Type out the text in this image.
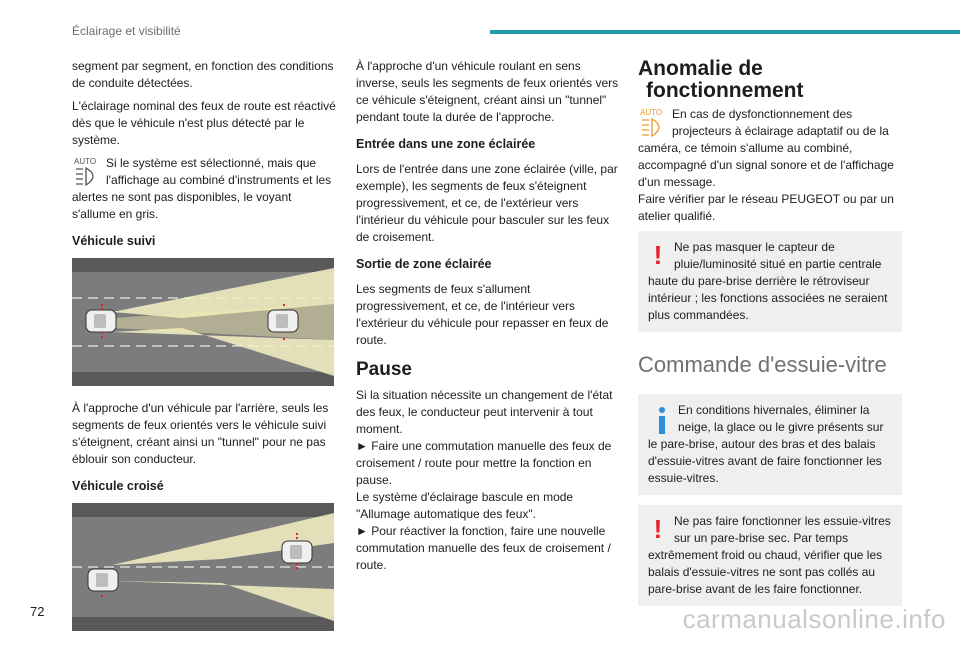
Éclairage et visibilité

segment par segment, en fonction des conditions de conduite détectées.

L'éclairage nominal des feux de route est réactivé dès que le véhicule n'est plus détecté par le système.

AUTO Si le système est sélectionné, mais que l'affichage au combiné d'instruments et les alertes ne sont pas disponibles, le voyant s'allume en gris.

Véhicule suivi

À l'approche d'un véhicule par l'arrière, seuls les segments de feux orientés vers le véhicule suivi s'éteignent, créant ainsi un "tunnel" pour ne pas éblouir son conducteur.

Véhicule croisé

À l'approche d'un véhicule roulant en sens inverse, seuls les segments de feux orientés vers ce véhicule s'éteignent, créant ainsi un "tunnel" pendant toute la durée de l'approche.

Entrée dans une zone éclairée

Lors de l'entrée dans une zone éclairée (ville, par exemple), les segments de feux s'éteignent progressivement, et ce, de l'extérieur vers l'intérieur du véhicule pour basculer sur les feux de croisement.

Sortie de zone éclairée

Les segments de feux s'allument progressivement, et ce, de l'intérieur vers l'extérieur du véhicule pour repasser en feux de route.

Pause

Si la situation nécessite un changement de l'état des feux, le conducteur peut intervenir à tout moment.

► Faire une commutation manuelle des feux de croisement / route pour mettre la fonction en pause.

Le système d'éclairage bascule en mode "Allumage automatique des feux".

► Pour réactiver la fonction, faire une nouvelle commutation manuelle des feux de croisement / route.

Anomalie de

fonctionnement

AUTO En cas de dysfonctionnement des projecteurs à éclairage adaptatif ou de la caméra, ce témoin s'allume au combiné, accompagné d'un signal sonore et de l'affichage d'un message.

Faire vérifier par le réseau PEUGEOT ou par un atelier qualifié.

! Ne pas masquer le capteur de pluie/luminosité situé en partie centrale haute du pare-brise derrière le rétroviseur intérieur ; les fonctions associées ne seraient plus commandées.

Commande d'essuie-vitre

En conditions hivernales, éliminer la neige, la glace ou le givre présents sur le pare-brise, autour des bras et des balais d'essuie-vitres avant de faire fonctionner les essuie-vitres.

! Ne pas faire fonctionner les essuie-vitres sur un pare-brise sec. Par temps extrêmement froid ou chaud, vérifier que les balais d'essuie-vitres ne sont pas collés au pare-brise avant de les faire fonctionner.

72	carmanualsonline.info
